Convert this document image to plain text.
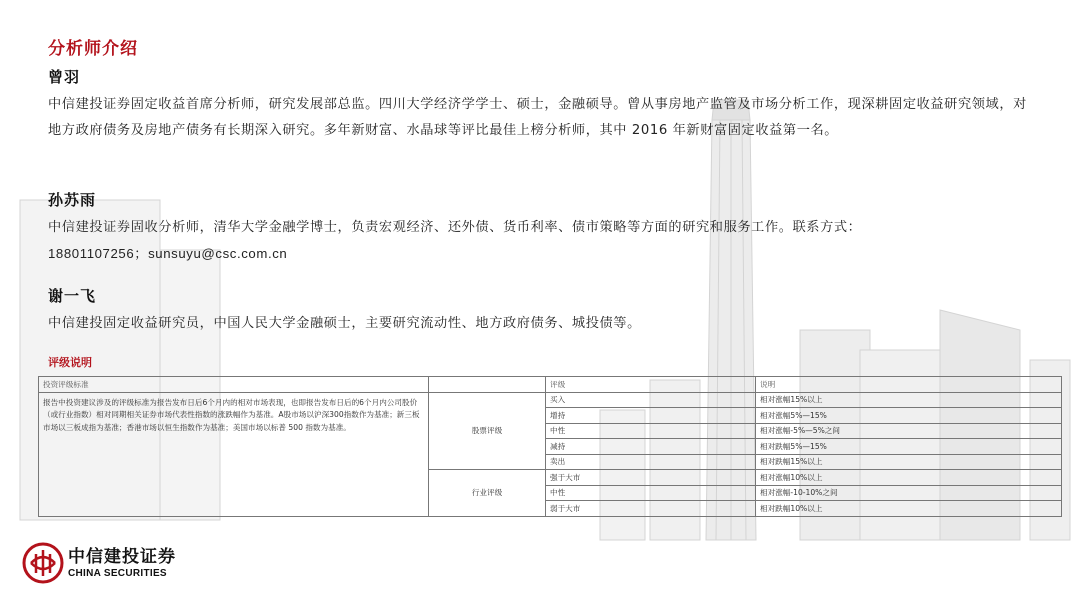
分析师介绍
曾羽
中信建投证券固定收益首席分析师，研究发展部总监。四川大学经济学学士、硕士，金融硕导。曾从事房地产监管及市场分析工作，现深耕固定收益研究领域，对地方政府债务及房地产债务有长期深入研究。多年新财富、水晶球等评比最佳上榜分析师，其中 2016 年新财富固定收益第一名。
孙苏雨
中信建投证券固收分析师，清华大学金融学博士，负责宏观经济、还外债、货币利率、债市策略等方面的研究和服务工作。联系方式：
18801107256；sunsuyu@csc.com.cn
谢一飞
中信建投固定收益研究员，中国人民大学金融硕士，主要研究流动性、地方政府债务、城投债等。
评级说明
投资评级标准		评级	说明
报告中投资建议涉及的评级标准为报告发布日后6个月内的相对市场表现，也即报告发布日后的6个月内公司股价（或行业指数）相对同期相关证券市场代表性指数的涨跌幅作为基准。A股市场以沪深300指数作为基准；新三板市场以三板成指为基准；香港市场以恒生指数作为基准；美国市场以标普 500 指数为基准。	股票评级	买入	相对涨幅15%以上
		增持	相对涨幅5%—15%
		中性	相对涨幅-5%—5%之间
		减持	相对跌幅5%—15%
		卖出	相对跌幅15%以上
	行业评级	强于大市	相对涨幅10%以上
		中性	相对涨幅-10-10%之间
		弱于大市	相对跌幅10%以上
中信建投证券
CHINA SECURITIES
